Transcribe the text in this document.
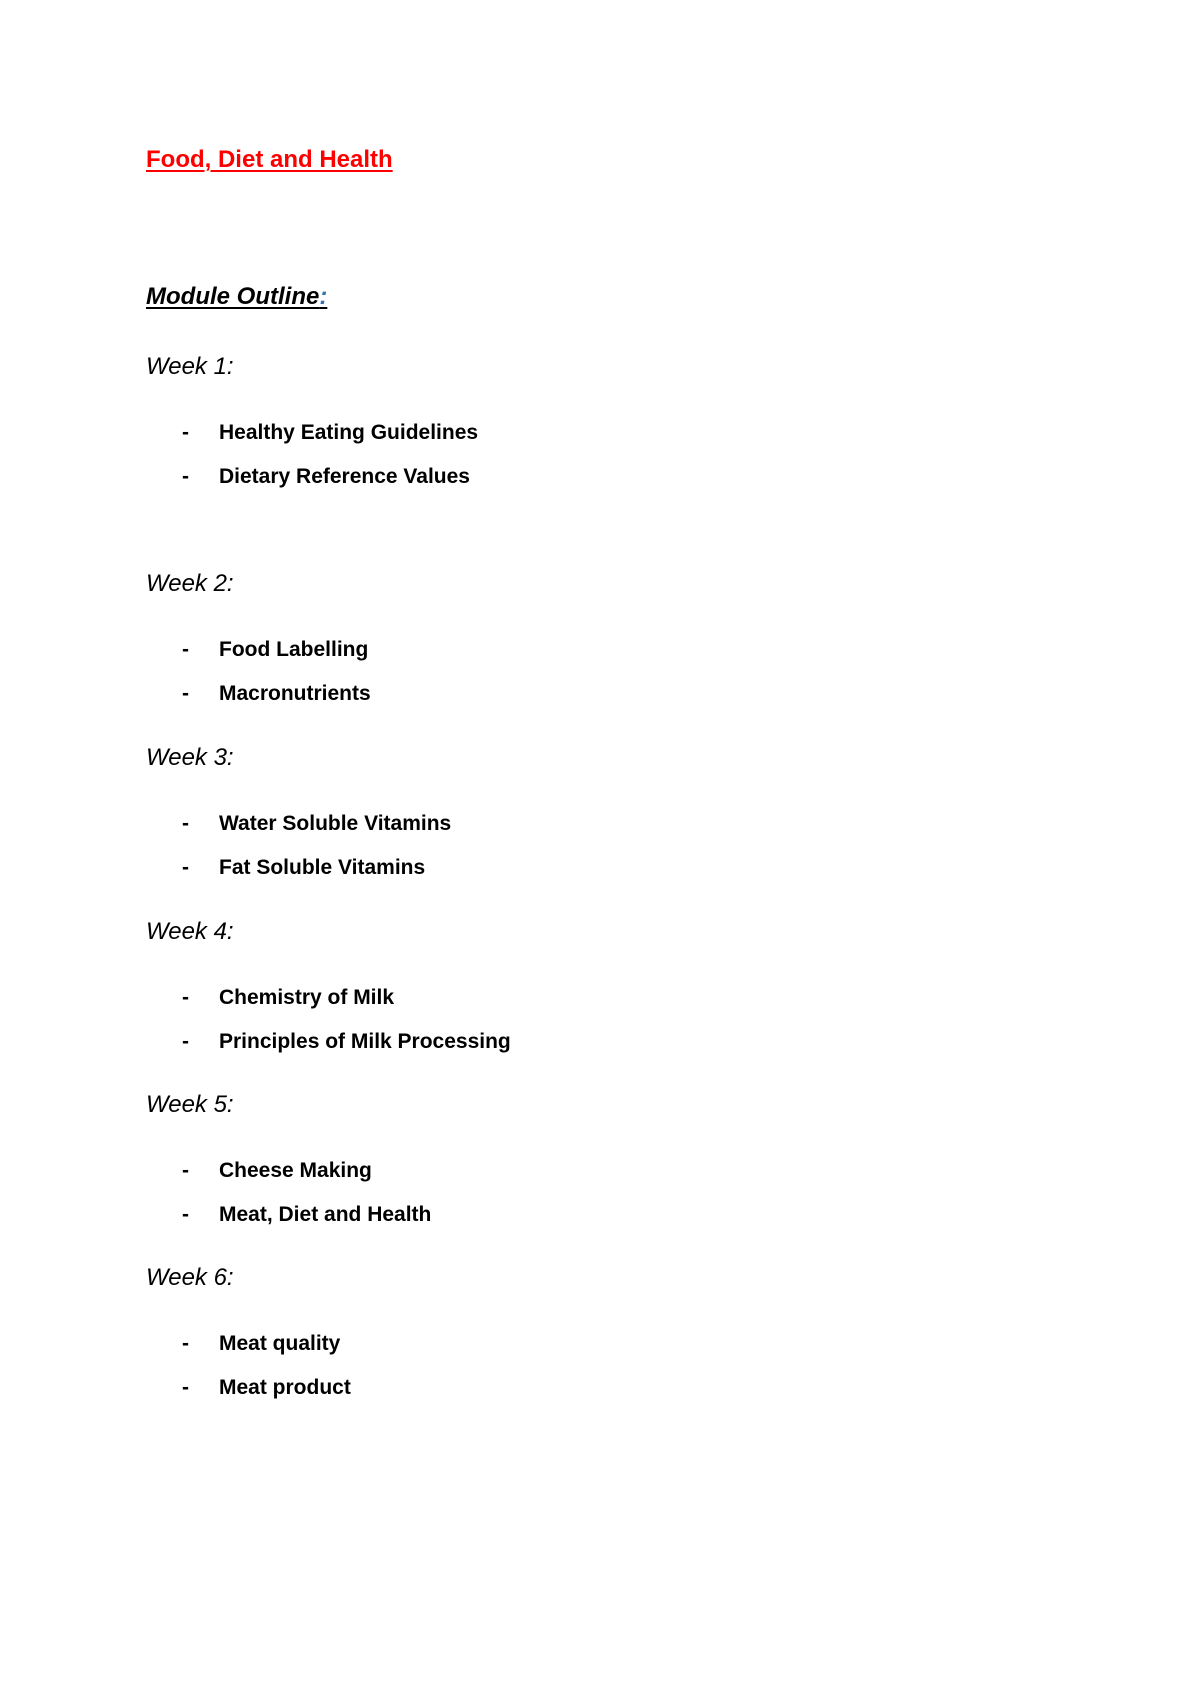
Food, Diet and Health
Module Outline:
Week 1:
- Healthy Eating Guidelines
- Dietary Reference Values
Week 2:
- Food Labelling
- Macronutrients
Week 3:
- Water Soluble Vitamins
- Fat Soluble Vitamins
Week 4:
- Chemistry of Milk
- Principles of Milk Processing
Week 5:
- Cheese Making
- Meat, Diet and Health
Week 6:
- Meat quality
- Meat product
